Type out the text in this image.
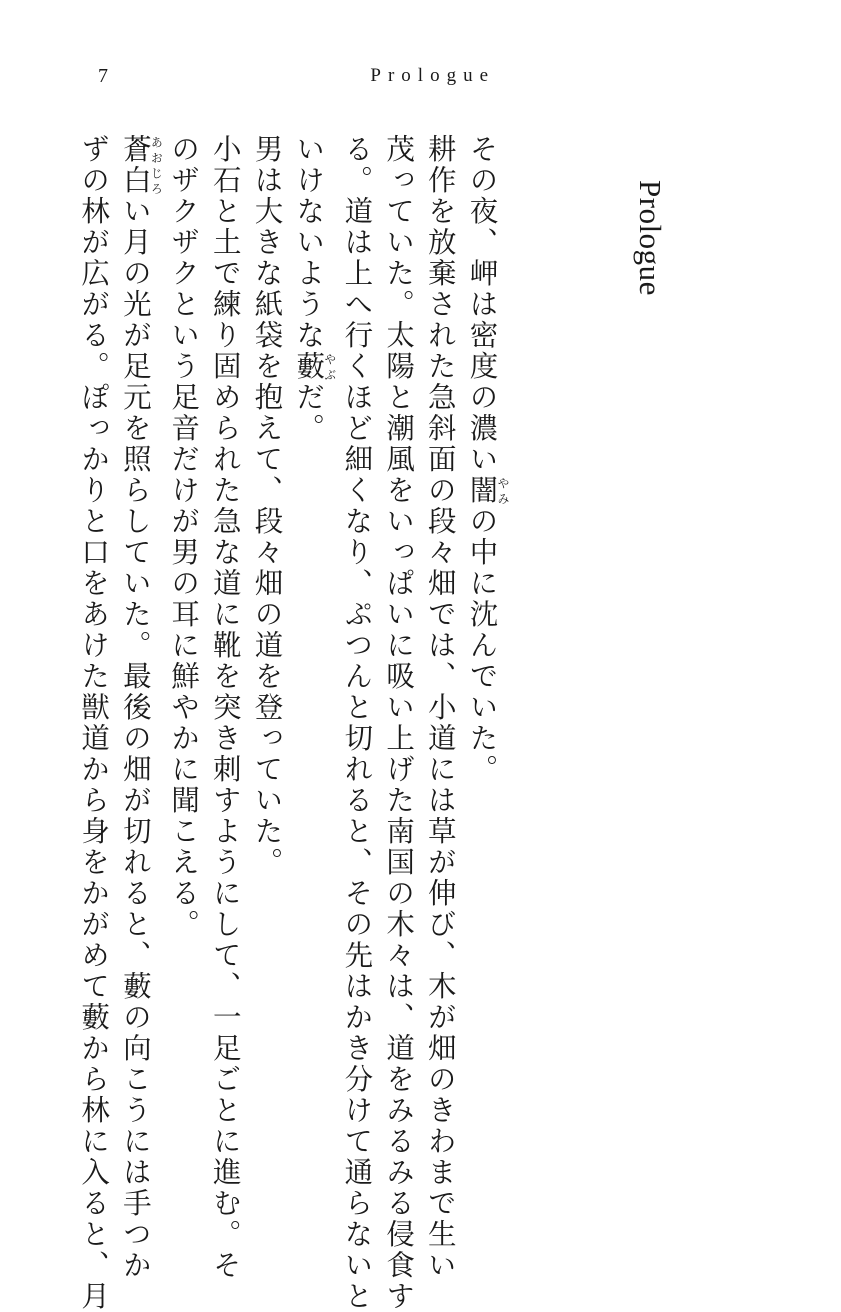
7	Prologue
Prologue
その夜、岬は密度の濃い闇やみの中に沈んでいた。
耕作を放棄された急斜面の段々畑では、小道には草が伸び、木が畑のきわまで生い
茂っていた。太陽と潮風をいっぱいに吸い上げた南国の木々は、道をみるみる侵食す
る。道は上へ行くほど細くなり、ぷつんと切れると、その先はかき分けて通らないと
いけないような藪やぶだ。
男は大きな紙袋を抱えて、段々畑の道を登っていた。
小石と土で練り固められた急な道に靴を突き刺すようにして、一足ごとに進む。そ
のザクザクという足音だけが男の耳に鮮やかに聞こえる。
蒼白あおじろい月の光が足元を照らしていた。最後の畑が切れると、藪の向こうには手つか
ずの林が広がる。ぽっかりと口をあけた獣道から身をかがめて藪から林に入ると、月
